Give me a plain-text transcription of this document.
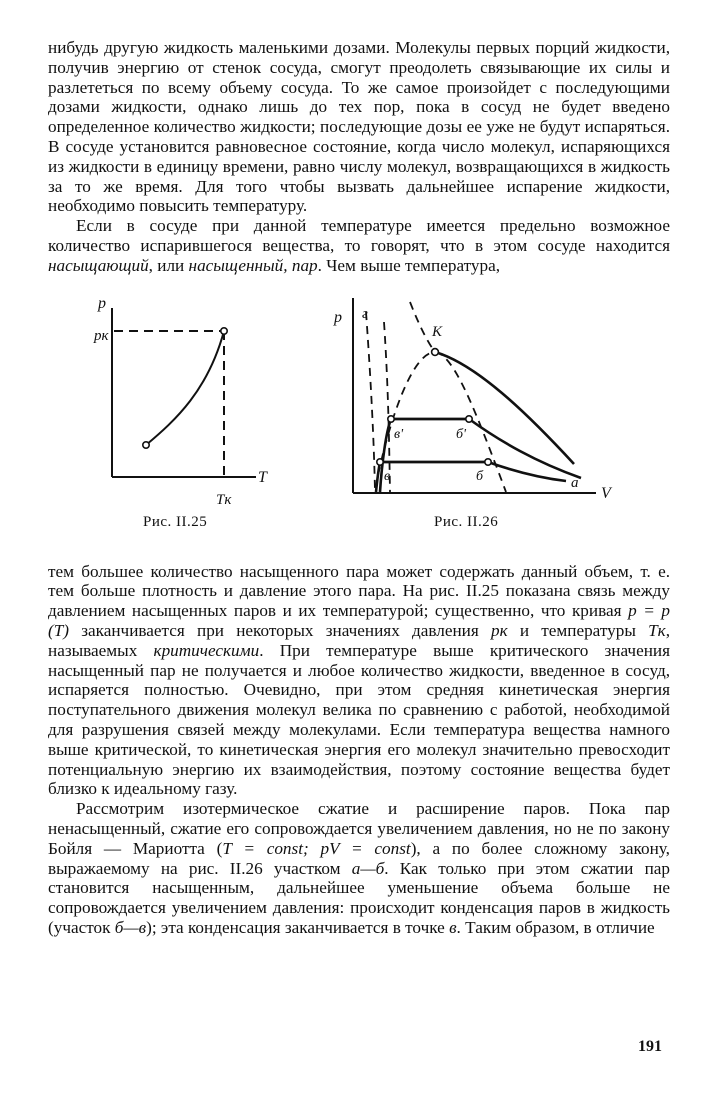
нибудь другую жидкость маленькими дозами. Молекулы первых порций жидкости, получив энергию от стенок сосуда, смогут преодолеть связывающие их силы и разлететься по всему объему сосуда. То же самое произойдет с последующими дозами жидкости, однако лишь до тех пор, пока в сосуд не будет введено определенное количество жидкости; последующие дозы ее уже не будут испаряться. В сосуде установится равновесное состояние, когда число молекул, испаряющихся из жидкости в единицу времени, равно числу молекул, возвращающихся в жидкость за то же время. Для того чтобы вызвать дальнейшее испарение жидкости, необходимо повысить температуру.

Если в сосуде при данной температуре имеется предельно возможное количество испарившегося вещества, то говорят, что в этом сосуде находится насыщающий, или насыщенный, пар. Чем выше температура,

p
pк
T
Tк
Рис. II.25
p г
K
в'	б'
в	б	а
V
Рис. II.26

тем большее количество насыщенного пара может содержать данный объем, т. е. тем больше плотность и давление этого пара. На рис. II.25 показана связь между давлением насыщенных паров и их температурой; существенно, что кривая p = p (T) заканчивается при некоторых значениях давления pк и температуры Tк, называемых критическими. При температуре выше критического значения насыщенный пар не получается и любое количество жидкости, введенное в сосуд, испаряется полностью. Очевидно, при этом средняя кинетическая энергия поступательного движения молекул велика по сравнению с работой, необходимой для разрушения связей между молекулами. Если температура вещества намного выше критической, то кинетическая энергия его молекул значительно превосходит потенциальную энергию их взаимодействия, поэтому состояние вещества будет близко к идеальному газу.

Рассмотрим изотермическое сжатие и расширение паров. Пока пар ненасыщенный, сжатие его сопровождается увеличением давления, но не по закону Бойля — Мариотта (T = const; pV = const), а по более сложному закону, выражаемому на рис. II.26 участком а—б. Как только при этом сжатии пар становится насыщенным, дальнейшее уменьшение объема больше не сопровождается увеличением давления: происходит конденсация паров в жидкость (участок б—в); эта конденсация заканчивается в точке в. Таким образом, в отличие

191
